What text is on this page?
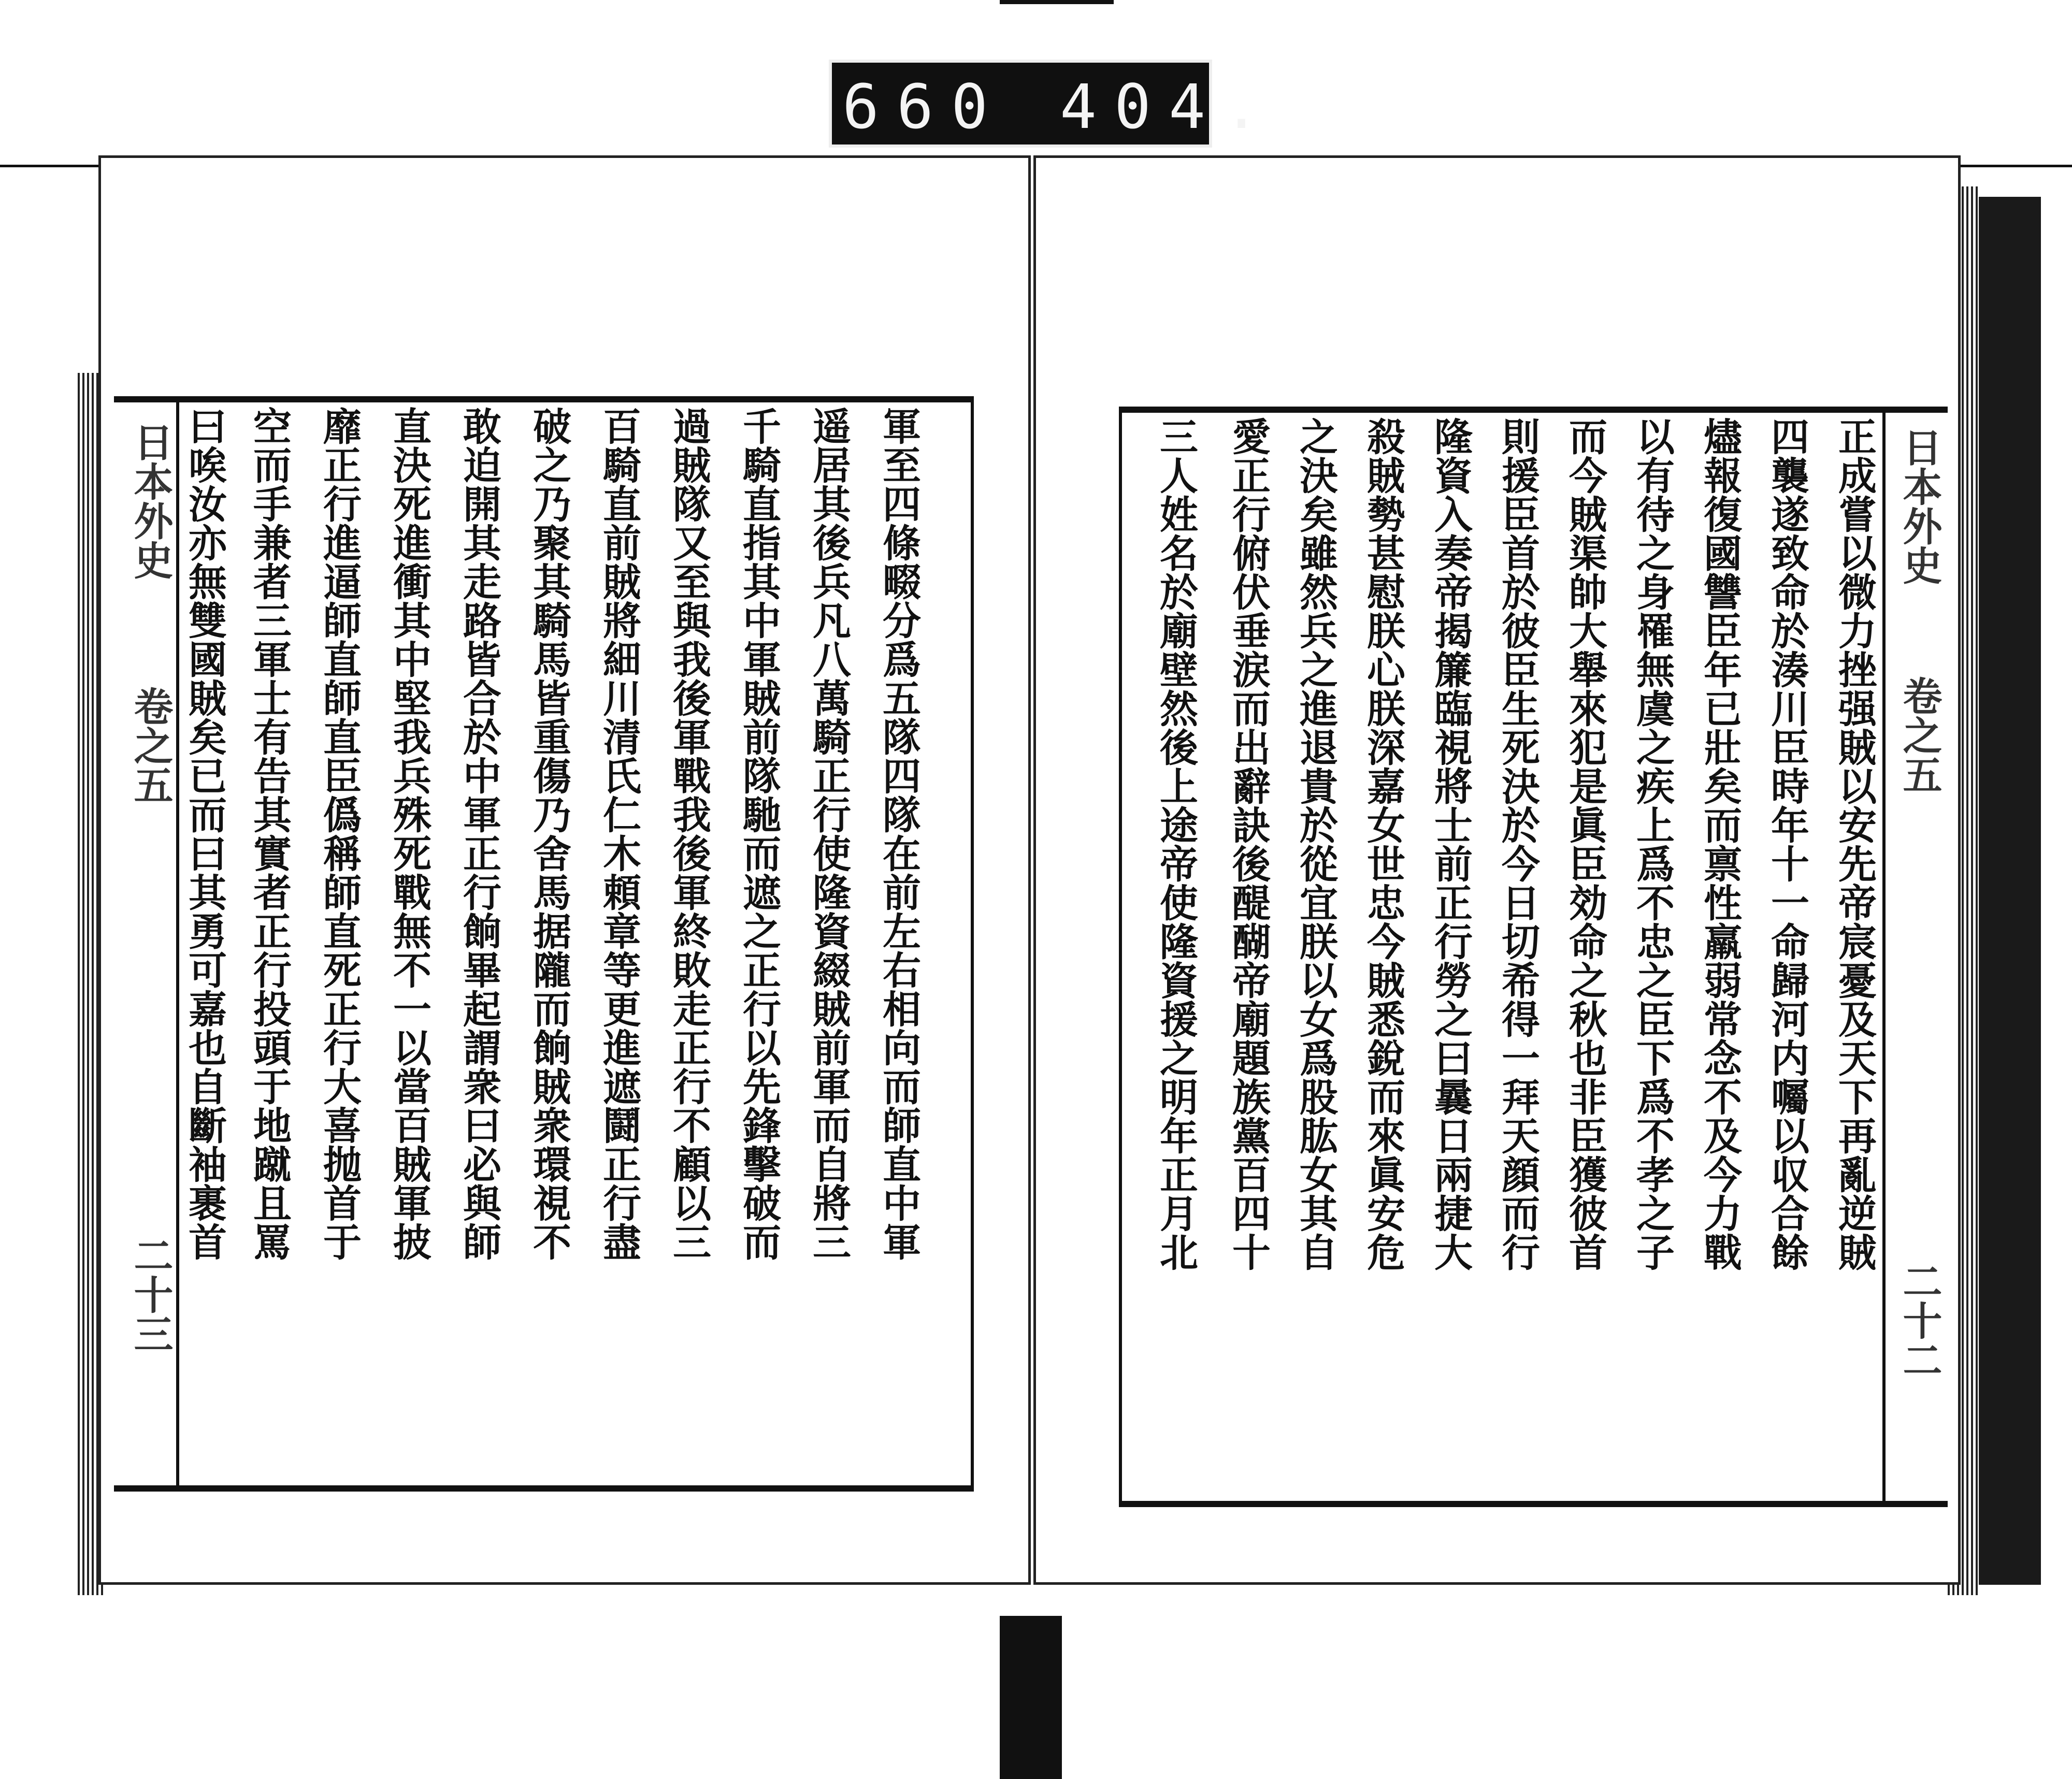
660 404.
軍至四條畷分爲五隊四隊在前左右相向而師直中軍
遥居其後兵凡八萬騎正行使隆資綴賊前軍而自將三
千騎直指其中軍賊前隊馳而遮之正行以先鋒擊破而
過賊隊又至與我後軍戰我後軍終敗走正行不顧以三
百騎直前賊將細川清氏仁木頼章等更進遮鬪正行盡
破之乃聚其騎馬皆重傷乃舍馬据隴而餉賊衆環視不
敢迫開其走路皆合於中軍正行餉畢起謂衆曰必與師
直決死進衝其中堅我兵殊死戰無不一以當百賊軍披
靡正行進逼師直師直臣僞稱師直死正行大喜抛首于
空而手兼者三軍士有告其實者正行投頭于地蹴且罵
曰唉汝亦無雙國賊矣已而曰其勇可嘉也自斷袖裹首
日本外史
卷之五
二十三
正成嘗以微力挫强賊以安先帝宸憂及天下再亂逆賊
四襲遂致命於湊川臣時年十一命歸河内囑以収合餘
燼報復國讐臣年已壯矣而禀性羸弱常念不及今力戰
以有待之身罹無虞之疾上爲不忠之臣下爲不孝之子
而今賊渠帥大舉來犯是眞臣効命之秋也非臣獲彼首
則援臣首於彼臣生死決於今日切希得一拜天顔而行
隆資入奏帝揭簾臨視將士前正行勞之曰曩日兩捷大
殺賊勢甚慰朕心朕深嘉女世忠今賊悉銳而來眞安危
之決矣雖然兵之進退貴於從宜朕以女爲股肱女其自
愛正行俯伏垂涙而出辭訣後醍醐帝廟題族黨百四十
三人姓名於廟壁然後上途帝使隆資援之明年正月北	日本外史
卷之五
二十二
